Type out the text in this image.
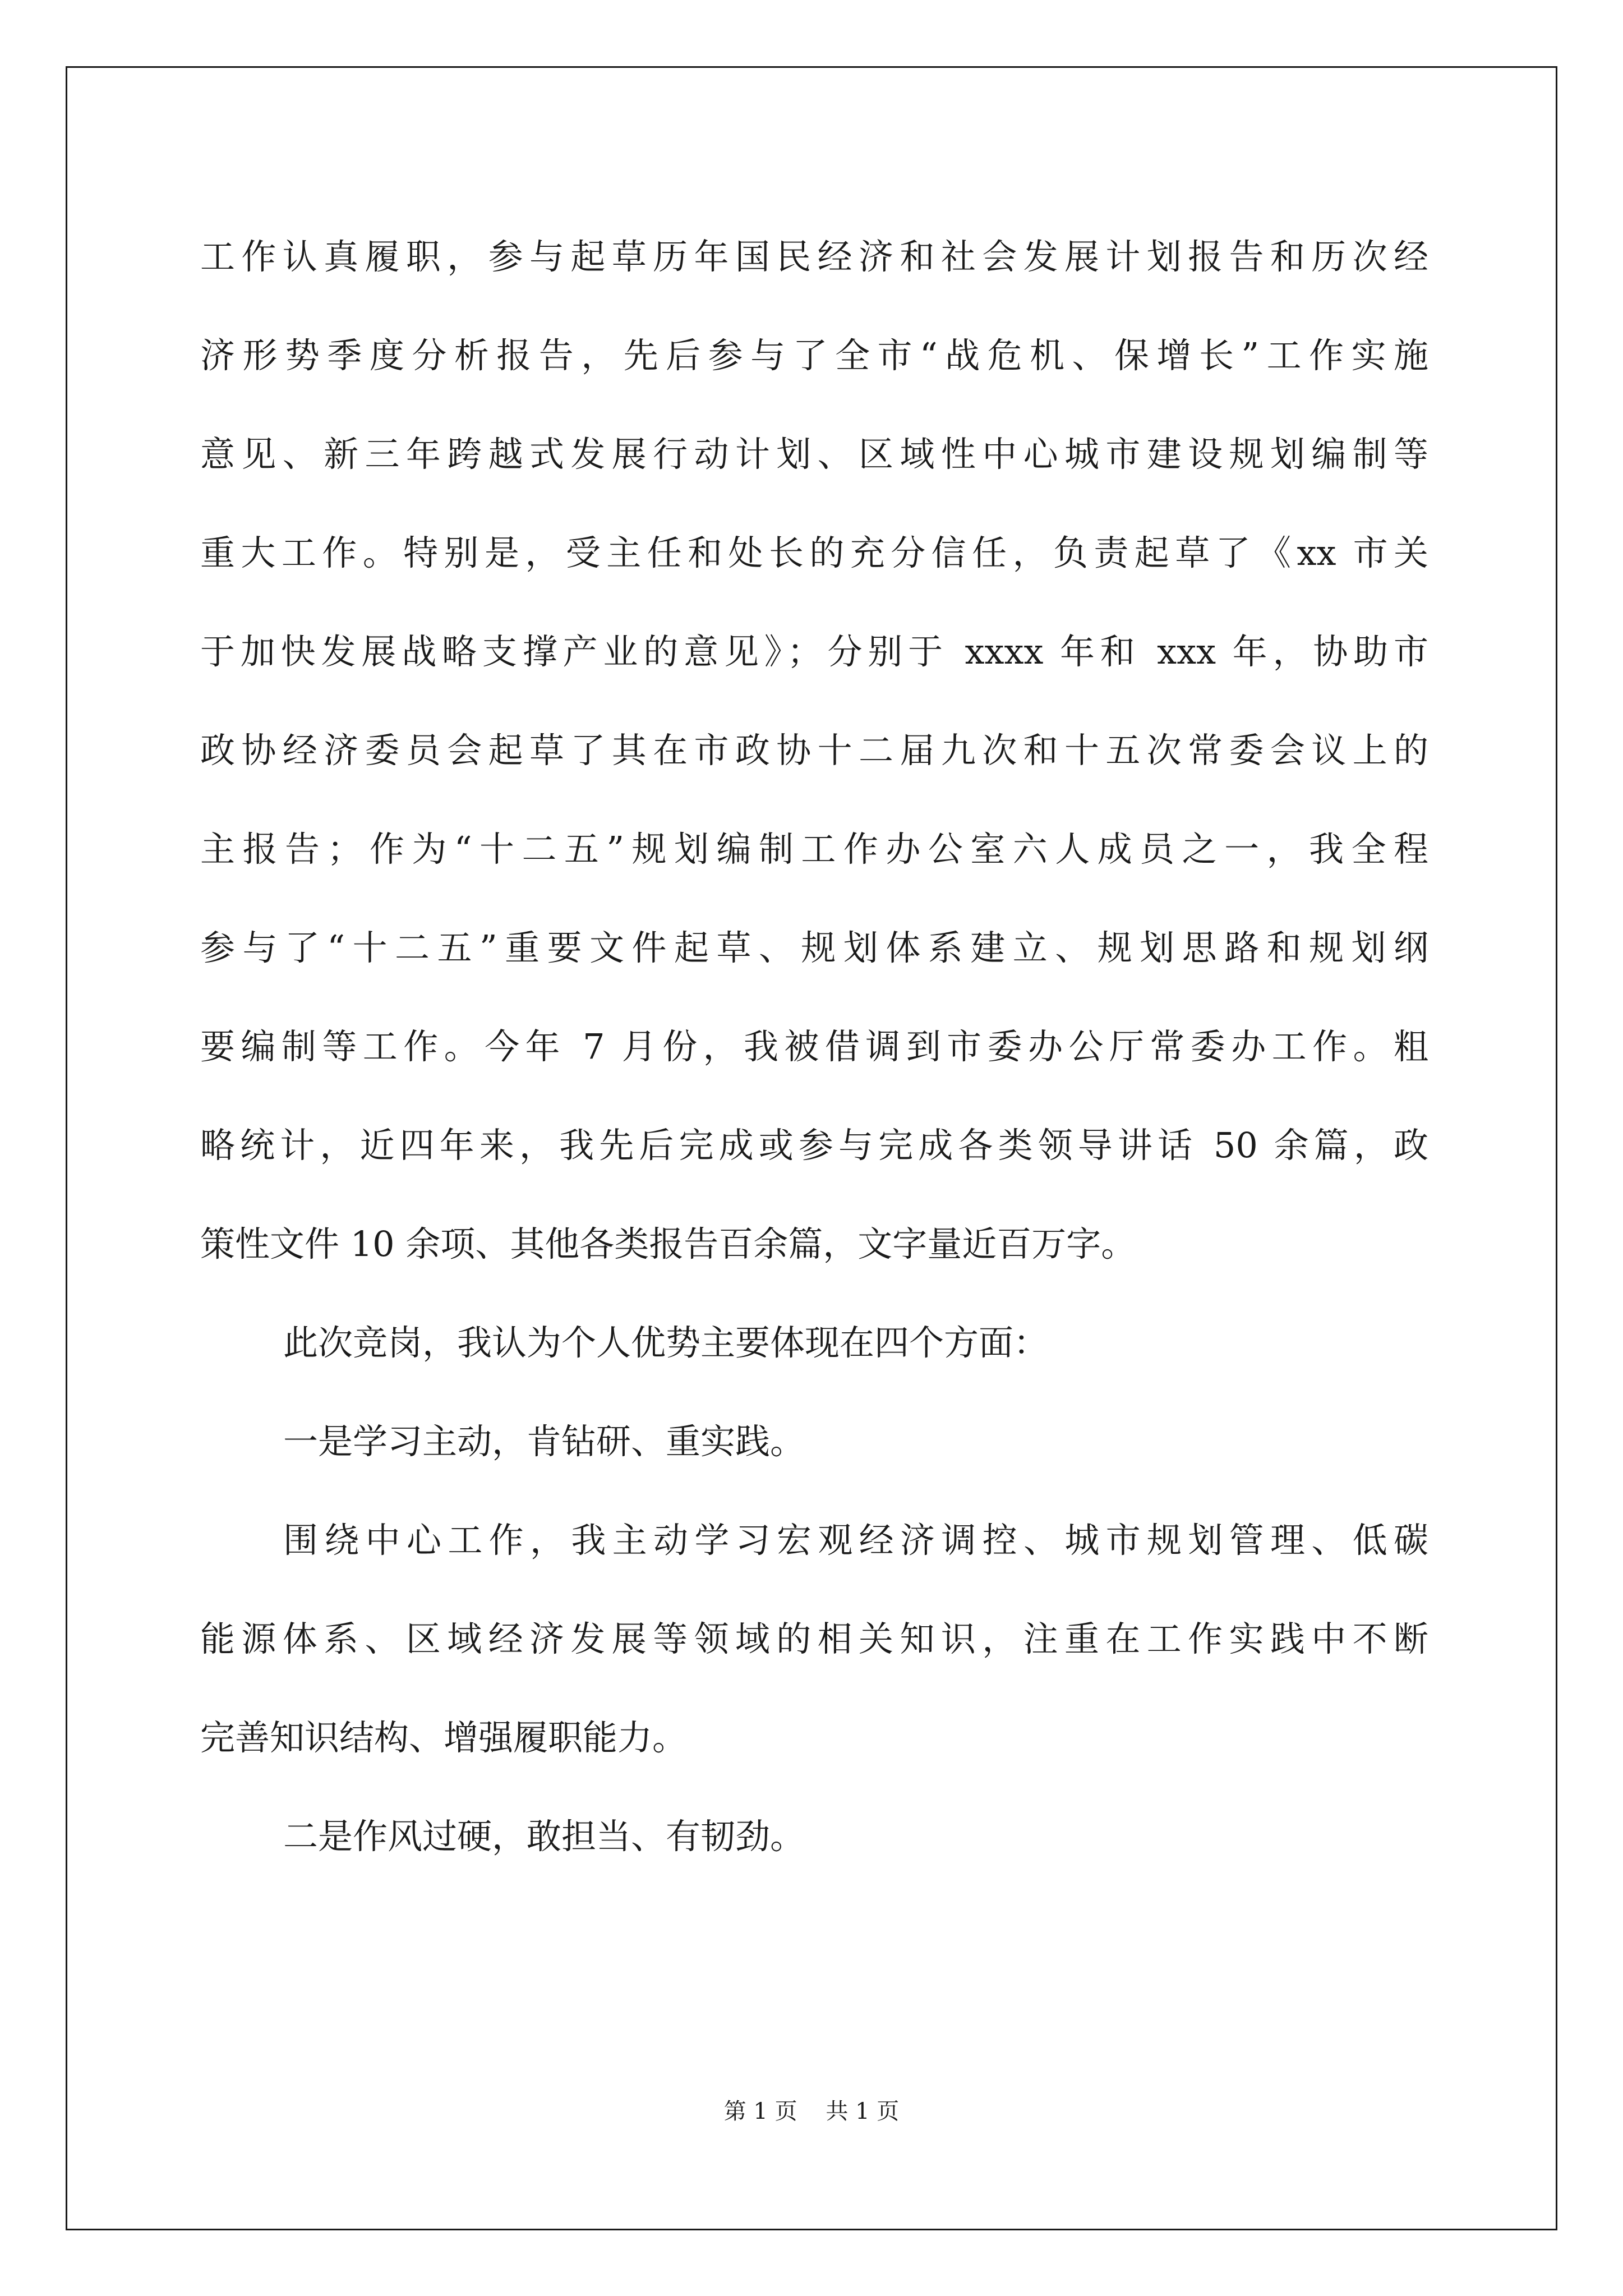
工作认真履职，参与起草历年国民经济和社会发展计划报告和历次经
济形势季度分析报告，先后参与了全市“战危机、保增长”工作实施
意见、新三年跨越式发展行动计划、区域性中心城市建设规划编制等
重大工作。特别是，受主任和处长的充分信任，负责起草了《xx 市关
于加快发展战略支撑产业的意见》；分别于 xxxx 年和 xxx 年，协助市
政协经济委员会起草了其在市政协十二届九次和十五次常委会议上的
主报告；作为“十二五”规划编制工作办公室六人成员之一，我全程
参与了“十二五”重要文件起草、规划体系建立、规划思路和规划纲
要编制等工作。今年 7 月份，我被借调到市委办公厅常委办工作。粗
略统计，近四年来，我先后完成或参与完成各类领导讲话 50 余篇，政
策性文件 10 余项、其他各类报告百余篇，文字量近百万字。
此次竞岗，我认为个人优势主要体现在四个方面：
一是学习主动，肯钻研、重实践。
围绕中心工作，我主动学习宏观经济调控、城市规划管理、低碳
能源体系、区域经济发展等领域的相关知识，注重在工作实践中不断
完善知识结构、增强履职能力。
二是作风过硬，敢担当、有韧劲。
第 1 页    共 1 页
